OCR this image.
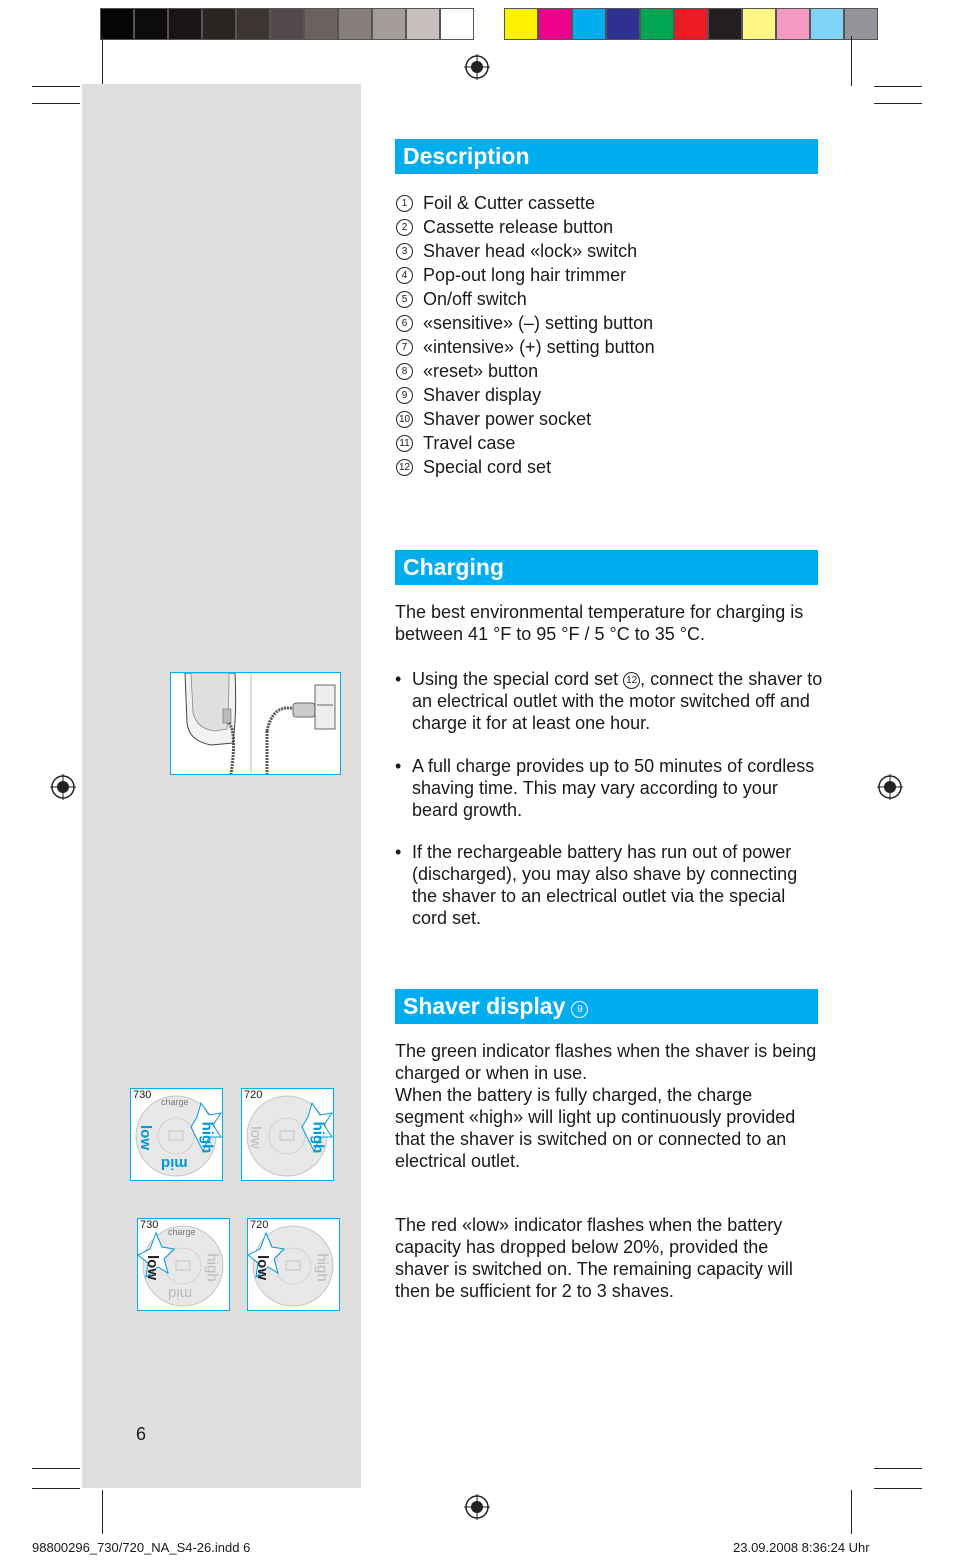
Description
1 Foil & Cutter cassette
2 Cassette release button
3 Shaver head «lock» switch
4 Pop-out long hair trimmer
5 On/off switch
6 «sensitive» (–) setting button
7 «intensive» (+) setting button
8 «reset» button
9 Shaver display
10 Shaver power socket
11 Travel case
12 Special cord set
Charging

The best environmental temperature for charging is between 41 °F to 95 °F / 5 °C to 35 °C.

• Using the special cord set 12 , connect the shaver to an electrical outlet with the motor switched off and charge it for at least one hour.

• A full charge provides up to 50 minutes of cordless shaving time. This may vary according to your beard growth.

• If the rechargeable battery has run out of power (discharged), you may also shave by connecting the shaver to an electrical outlet via the special cord set.

Shaver display 9

The green indicator flashes when the shaver is being charged or when in use.

When the battery is fully charged, the charge segment «high» will light up continuously provided that the shaver is switched on or connected to an electrical outlet.

The red «low» indicator flashes when the battery capacity has dropped below 20%, provided the shaver is switched on. The remaining capacity will then be sufficient for 2 to 3 shaves.

730
charge
low
mid
high
720
low	high
730
charge
low
mid
high
720
low	high
6
98800296_730/720_NA_S4-26.indd 6	23.09.2008 8:36:24 Uhr
